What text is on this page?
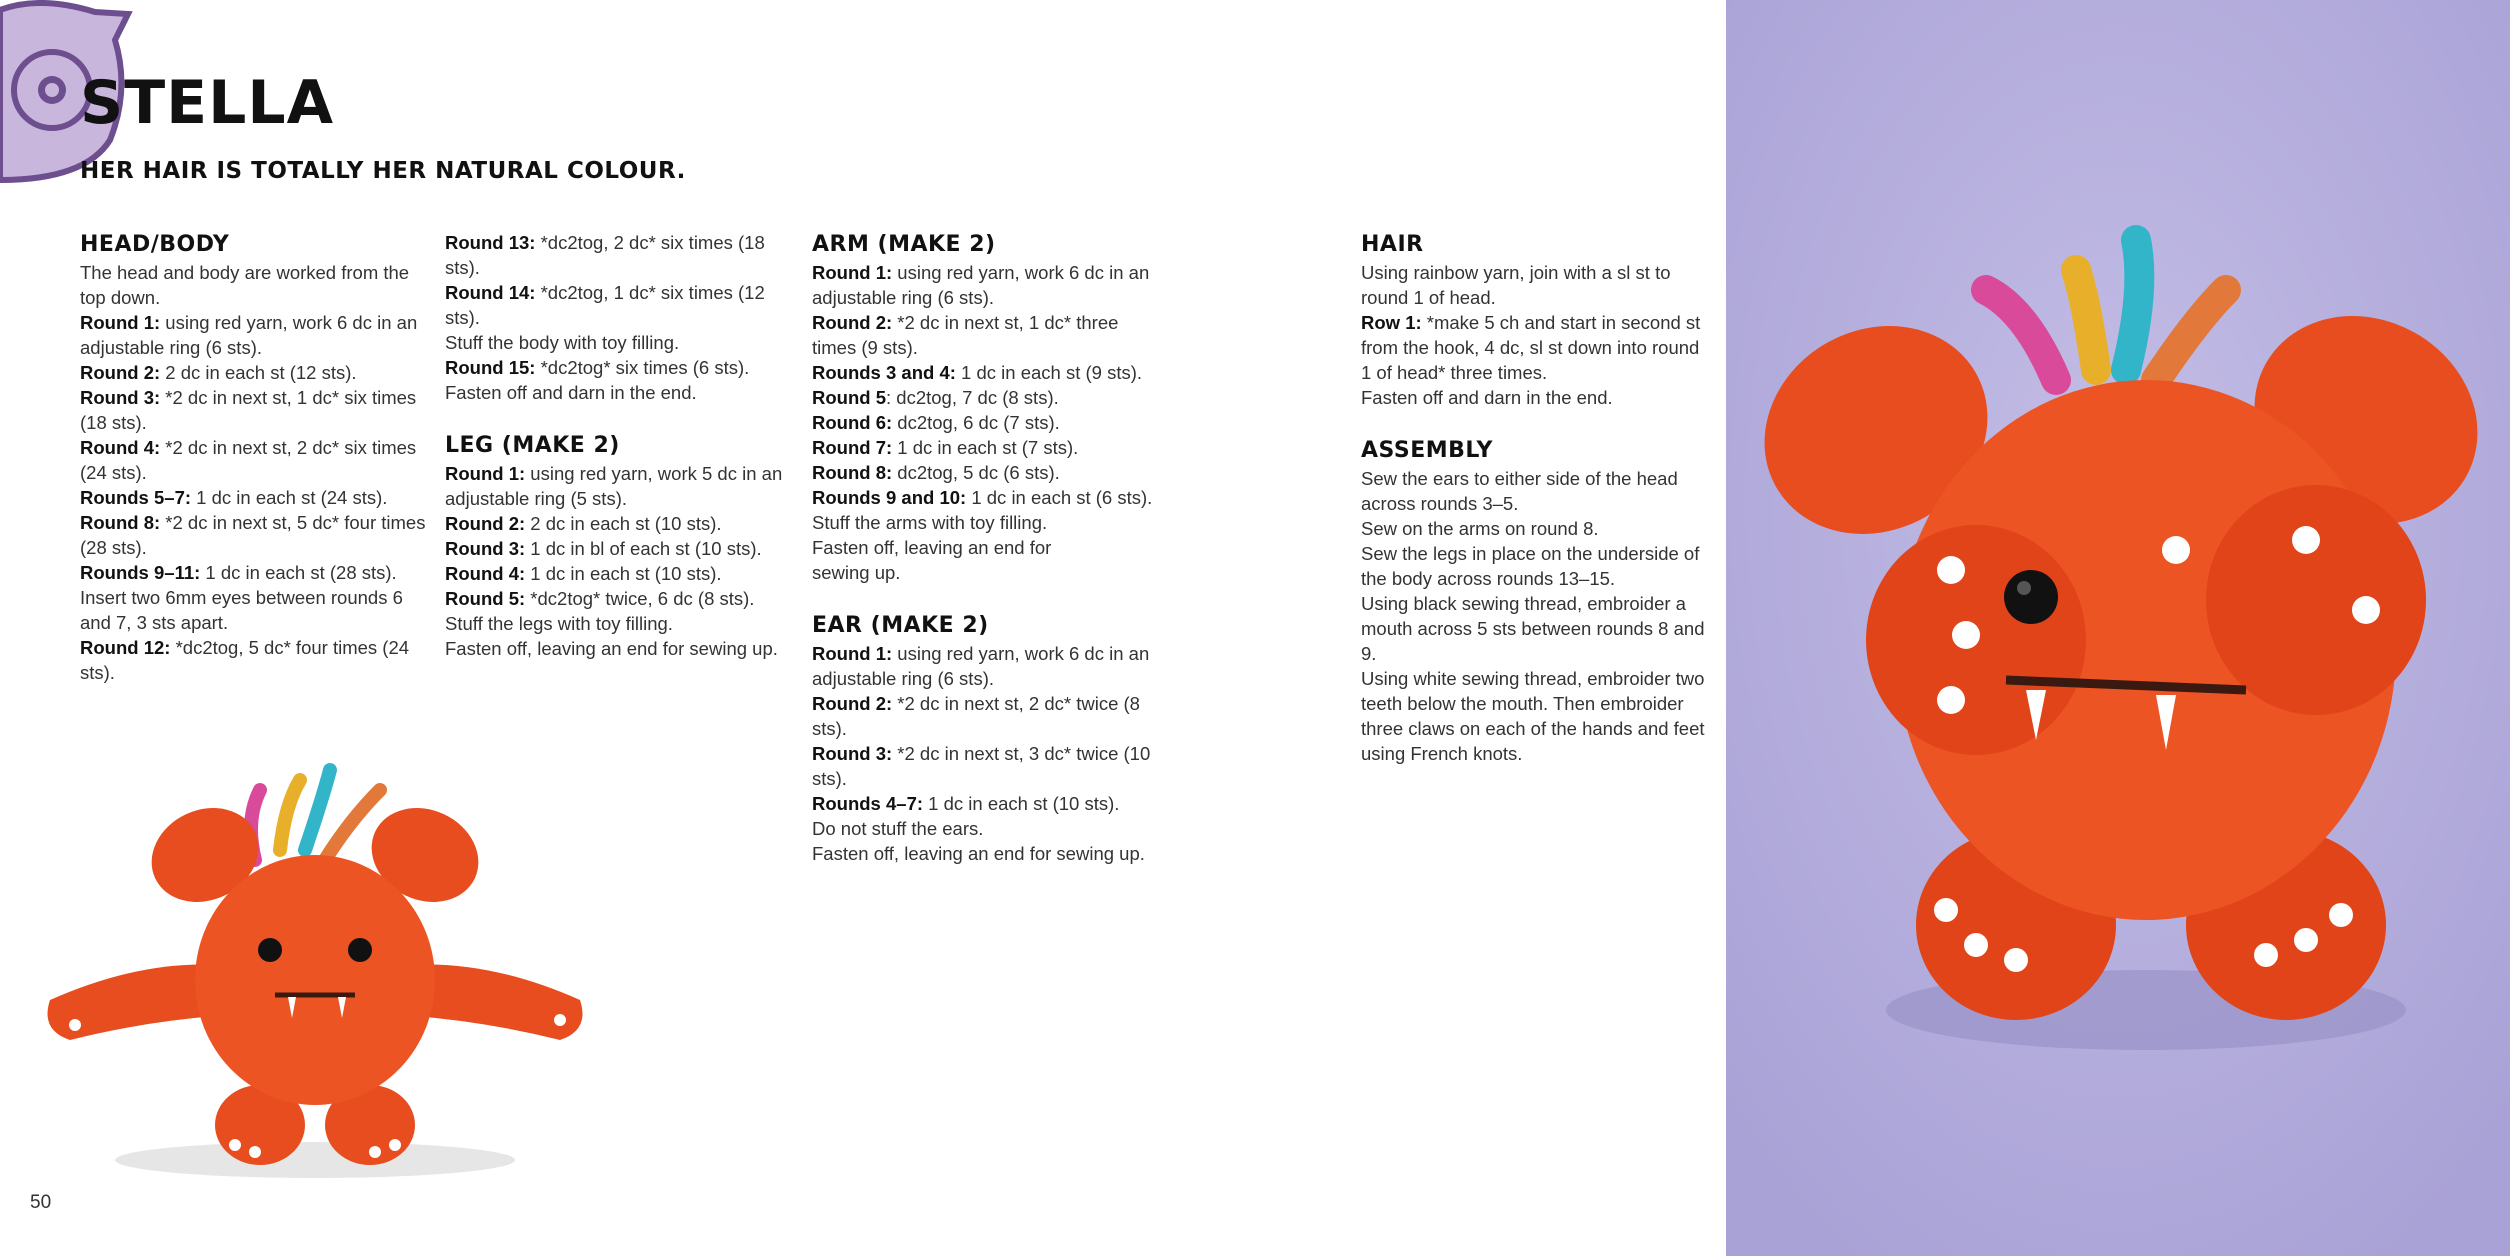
STELLA

HER HAIR IS TOTALLY HER NATURAL COLOUR.

HEAD/BODY
The head and body are worked from the top down.
Round 1: using red yarn, work 6 dc in an adjustable ring (6 sts).
Round 2: 2 dc in each st (12 sts).
Round 3: *2 dc in next st, 1 dc* six times (18 sts).
Round 4: *2 dc in next st, 2 dc* six times (24 sts).
Rounds 5–7: 1 dc in each st (24 sts).
Round 8: *2 dc in next st, 5 dc* four times (28 sts).
Rounds 9–11: 1 dc in each st (28 sts).
Insert two 6mm eyes between rounds 6 and 7, 3 sts apart.
Round 12: *dc2tog, 5 dc* four times (24 sts).
Round 13: *dc2tog, 2 dc* six times (18 sts).
Round 14: *dc2tog, 1 dc* six times (12 sts).
Stuff the body with toy filling.
Round 15: *dc2tog* six times (6 sts).
Fasten off and darn in the end.
LEG (MAKE 2)
Round 1: using red yarn, work 5 dc in an adjustable ring (5 sts).
Round 2: 2 dc in each st (10 sts).
Round 3: 1 dc in bl of each st (10 sts).
Round 4: 1 dc in each st (10 sts).
Round 5: *dc2tog* twice, 6 dc (8 sts).
Stuff the legs with toy filling.
Fasten off, leaving an end for sewing up.
ARM (MAKE 2)
Round 1: using red yarn, work 6 dc in an adjustable ring (6 sts).
Round 2: *2 dc in next st, 1 dc* three times (9 sts).
Rounds 3 and 4: 1 dc in each st (9 sts).
Round 5: dc2tog, 7 dc (8 sts).
Round 6: dc2tog, 6 dc (7 sts).
Round 7: 1 dc in each st (7 sts).
Round 8: dc2tog, 5 dc (6 sts).
Rounds 9 and 10: 1 dc in each st (6 sts).
Stuff the arms with toy filling.
Fasten off, leaving an end for sewing up.
EAR (MAKE 2)
Round 1: using red yarn, work 6 dc in an adjustable ring (6 sts).
Round 2: *2 dc in next st, 2 dc* twice (8 sts).
Round 3: *2 dc in next st, 3 dc* twice (10 sts).
Rounds 4–7: 1 dc in each st (10 sts).
Do not stuff the ears.
Fasten off, leaving an end for sewing up.
HAIR
Using rainbow yarn, join with a sl st to round 1 of head.
Row 1: *make 5 ch and start in second st from the hook, 4 dc, sl st down into round 1 of head* three times.
Fasten off and darn in the end.
ASSEMBLY
Sew the ears to either side of the head across rounds 3–5.
Sew on the arms on round 8.
Sew the legs in place on the underside of the body across rounds 13–15.
Using black sewing thread, embroider a mouth across 5 sts between rounds 8 and 9.
Using white sewing thread, embroider two teeth below the mouth. Then embroider three claws on each of the hands and feet using French knots.
50
